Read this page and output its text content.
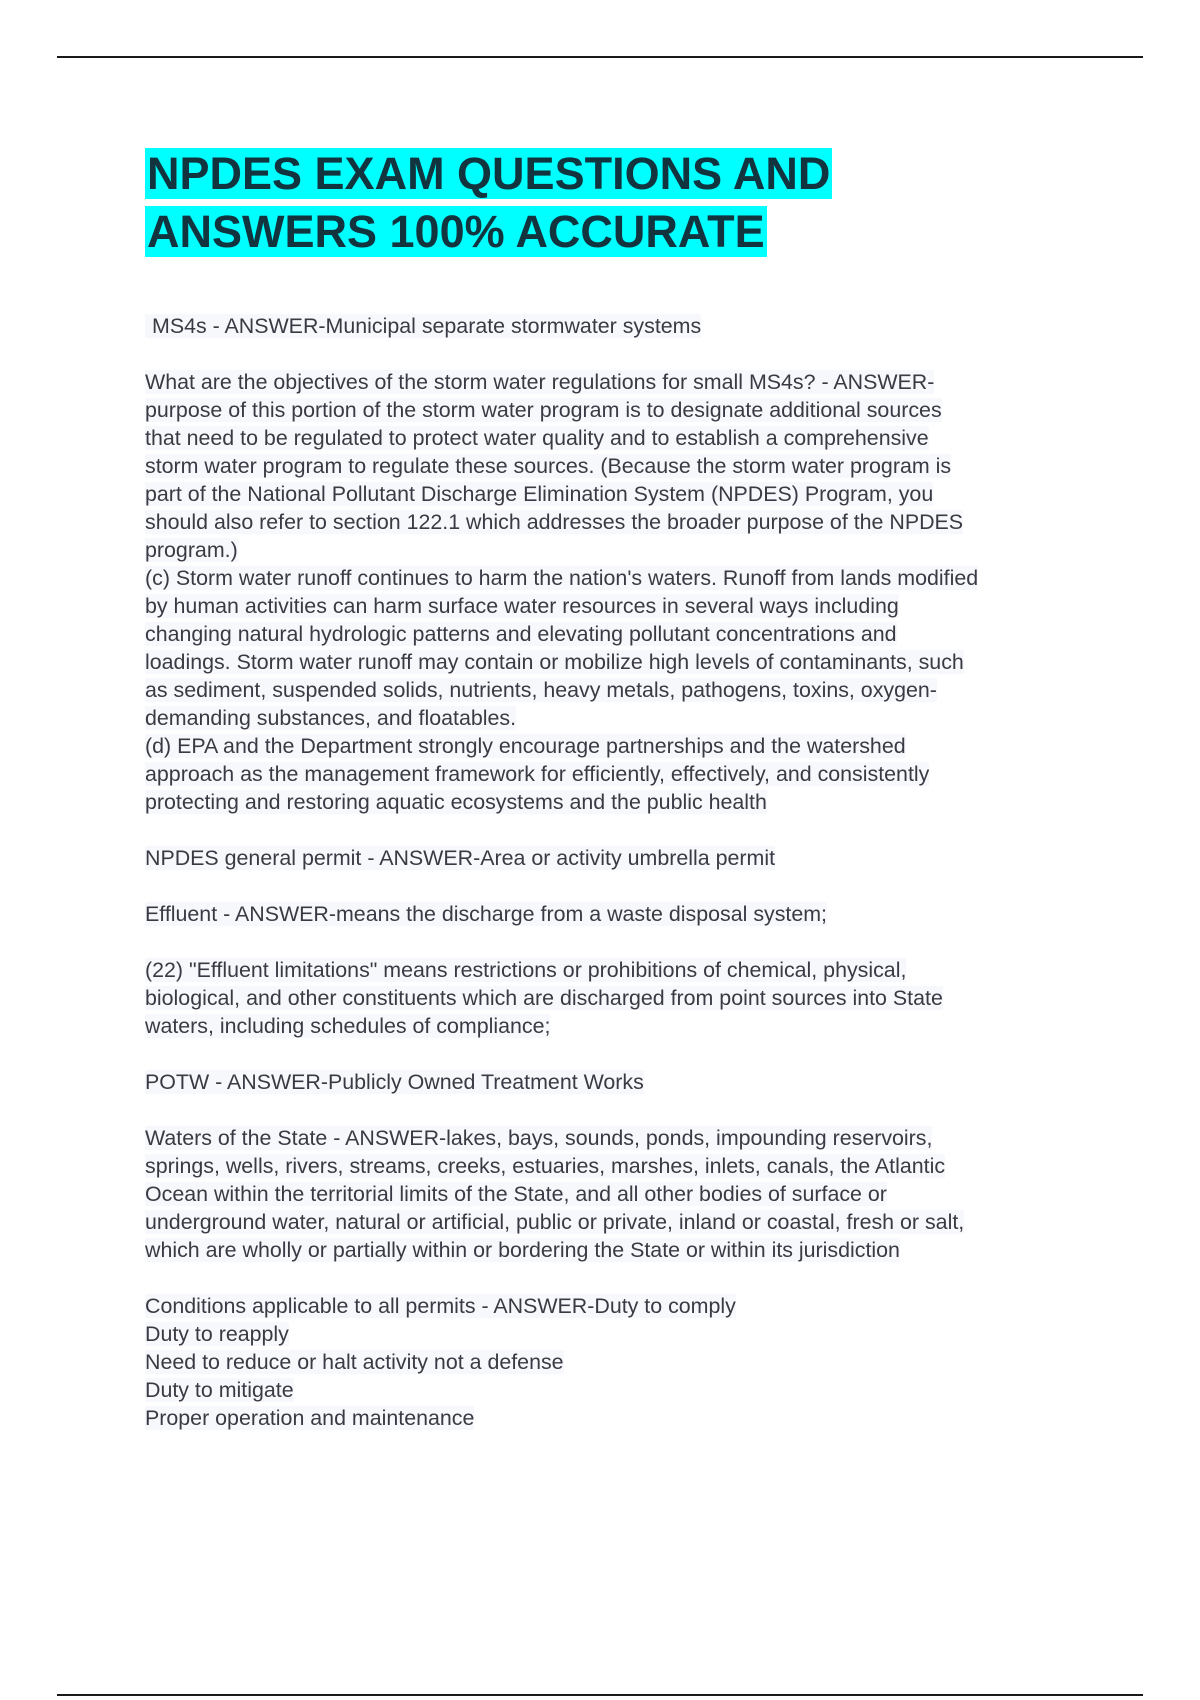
NPDES EXAM QUESTIONS AND
ANSWERS 100% ACCURATE

MS4s - ANSWER-Municipal separate stormwater systems

What are the objectives of the storm water regulations for small MS4s? - ANSWER-
purpose of this portion of the storm water program is to designate additional sources
that need to be regulated to protect water quality and to establish a comprehensive
storm water program to regulate these sources. (Because the storm water program is
part of the National Pollutant Discharge Elimination System (NPDES) Program, you
should also refer to section 122.1 which addresses the broader purpose of the NPDES
program.)
(c) Storm water runoff continues to harm the nation's waters. Runoff from lands modified
by human activities can harm surface water resources in several ways including
changing natural hydrologic patterns and elevating pollutant concentrations and
loadings. Storm water runoff may contain or mobilize high levels of contaminants, such
as sediment, suspended solids, nutrients, heavy metals, pathogens, toxins, oxygen-
demanding substances, and floatables.
(d) EPA and the Department strongly encourage partnerships and the watershed
approach as the management framework for efficiently, effectively, and consistently
protecting and restoring aquatic ecosystems and the public health

NPDES general permit - ANSWER-Area or activity umbrella permit

Effluent - ANSWER-means the discharge from a waste disposal system;

(22) "Effluent limitations" means restrictions or prohibitions of chemical, physical,
biological, and other constituents which are discharged from point sources into State
waters, including schedules of compliance;

POTW - ANSWER-Publicly Owned Treatment Works

Waters of the State - ANSWER-lakes, bays, sounds, ponds, impounding reservoirs,
springs, wells, rivers, streams, creeks, estuaries, marshes, inlets, canals, the Atlantic
Ocean within the territorial limits of the State, and all other bodies of surface or
underground water, natural or artificial, public or private, inland or coastal, fresh or salt,
which are wholly or partially within or bordering the State or within its jurisdiction

Conditions applicable to all permits - ANSWER-Duty to comply
Duty to reapply
Need to reduce or halt activity not a defense
Duty to mitigate
Proper operation and maintenance
